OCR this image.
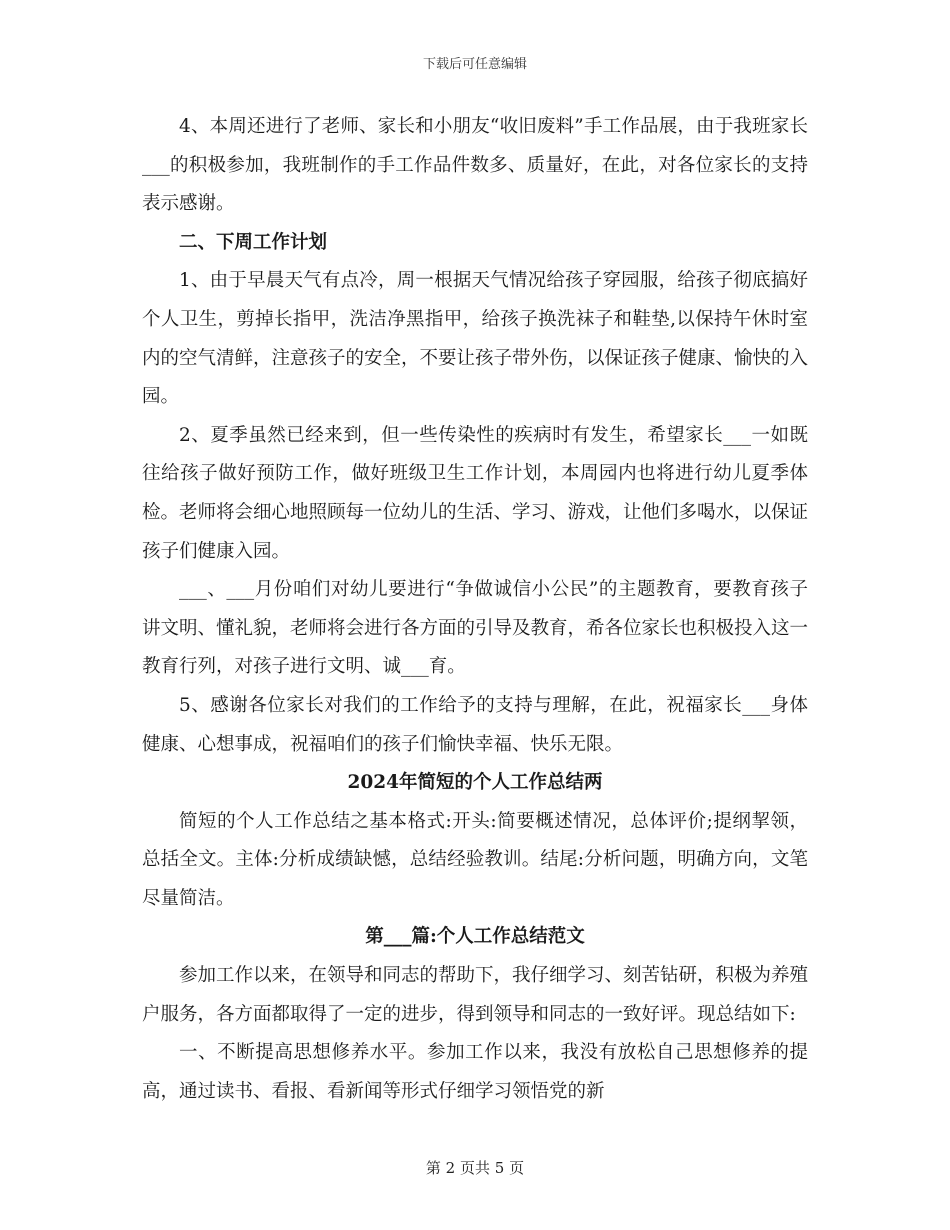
下载后可任意编辑

4、本周还进行了老师、家长和小朋友“收旧废料”手工作品展，由于我班家长___的积极参加，我班制作的手工作品件数多、质量好，在此，对各位家长的支持表示感谢。

二、下周工作计划

1、由于早晨天气有点冷，周一根据天气情况给孩子穿园服，给孩子彻底搞好个人卫生，剪掉长指甲，洗洁净黑指甲，给孩子换洗袜子和鞋垫,以保持午休时室内的空气清鲜，注意孩子的安全，不要让孩子带外伤，以保证孩子健康、愉快的入园。

2、夏季虽然已经来到，但一些传染性的疾病时有发生，希望家长___一如既往给孩子做好预防工作，做好班级卫生工作计划，本周园内也将进行幼儿夏季体检。老师将会细心地照顾每一位幼儿的生活、学习、游戏，让他们多喝水，以保证孩子们健康入园。

___、___月份咱们对幼儿要进行“争做诚信小公民”的主题教育，要教育孩子讲文明、懂礼貌，老师将会进行各方面的引导及教育，希各位家长也积极投入这一教育行列，对孩子进行文明、诚___育。

5、感谢各位家长对我们的工作给予的支持与理解，在此，祝福家长___身体健康、心想事成，祝福咱们的孩子们愉快幸福、快乐无限。

2024年简短的个人工作总结两

简短的个人工作总结之基本格式:开头:简要概述情况，总体评价;提纲挈领，总括全文。主体:分析成绩缺憾，总结经验教训。结尾:分析问题，明确方向，文笔尽量简洁。

第___篇:个人工作总结范文

参加工作以来，在领导和同志的帮助下，我仔细学习、刻苦钻研，积极为养殖户服务，各方面都取得了一定的进步，得到领导和同志的一致好评。现总结如下:

一、不断提高思想修养水平。参加工作以来，我没有放松自己思想修养的提高，通过读书、看报、看新闻等形式仔细学习领悟党的新

第 2 页共 5 页
